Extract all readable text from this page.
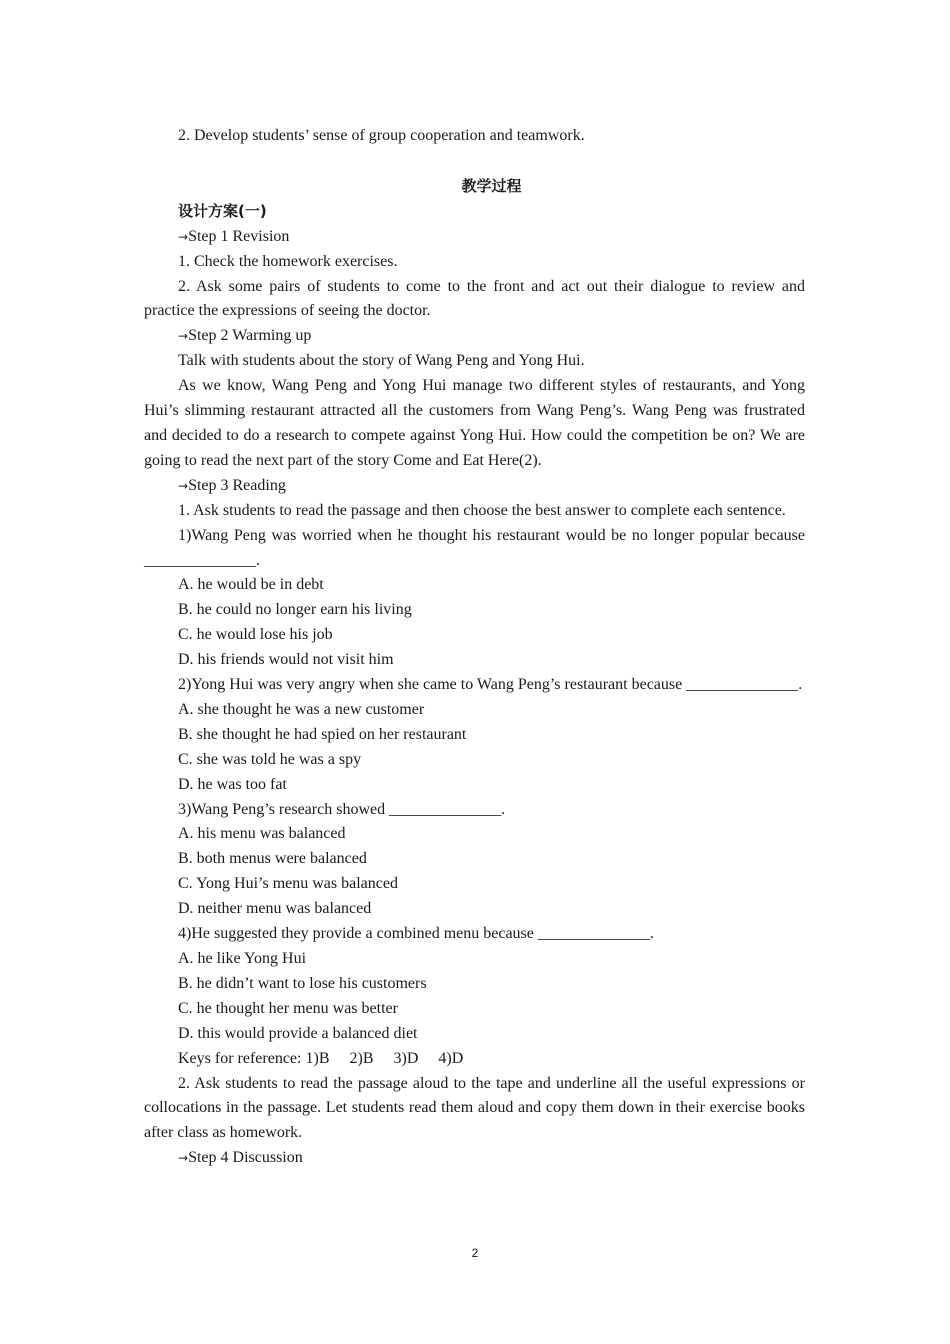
2. Develop students’ sense of group cooperation and teamwork.

教学过程

设计方案(一)

→Step 1 Revision

1. Check the homework exercises.

2. Ask some pairs of students to come to the front and act out their dialogue to review and practice the expressions of seeing the doctor.

→Step 2 Warming up

Talk with students about the story of Wang Peng and Yong Hui.

As we know, Wang Peng and Yong Hui manage two different styles of restaurants, and Yong Hui’s slimming restaurant attracted all the customers from Wang Peng’s. Wang Peng was frustrated and decided to do a research to compete against Yong Hui. How could the competition be on? We are going to read the next part of the story Come and Eat Here(2).

→Step 3 Reading

1. Ask students to read the passage and then choose the best answer to complete each sentence.

1)Wang Peng was worried when he thought his restaurant would be no longer popular because ______________.

A. he would be in debt

B. he could no longer earn his living

C. he would lose his job

D. his friends would not visit him

2)Yong Hui was very angry when she came to Wang Peng’s restaurant because ______________.

A. she thought he was a new customer

B. she thought he had spied on her restaurant

C. she was told he was a spy

D. he was too fat

3)Wang Peng’s research showed ______________.

A. his menu was balanced

B. both menus were balanced

C. Yong Hui’s menu was balanced

D. neither menu was balanced

4)He suggested they provide a combined menu because ______________.

A. he like Yong Hui

B. he didn’t want to lose his customers

C. he thought her menu was better

D. this would provide a balanced diet

Keys for reference: 1)B 2)B 3)D 4)D

2. Ask students to read the passage aloud to the tape and underline all the useful expressions or collocations in the passage. Let students read them aloud and copy them down in their exercise books after class as homework.

→Step 4 Discussion

2
